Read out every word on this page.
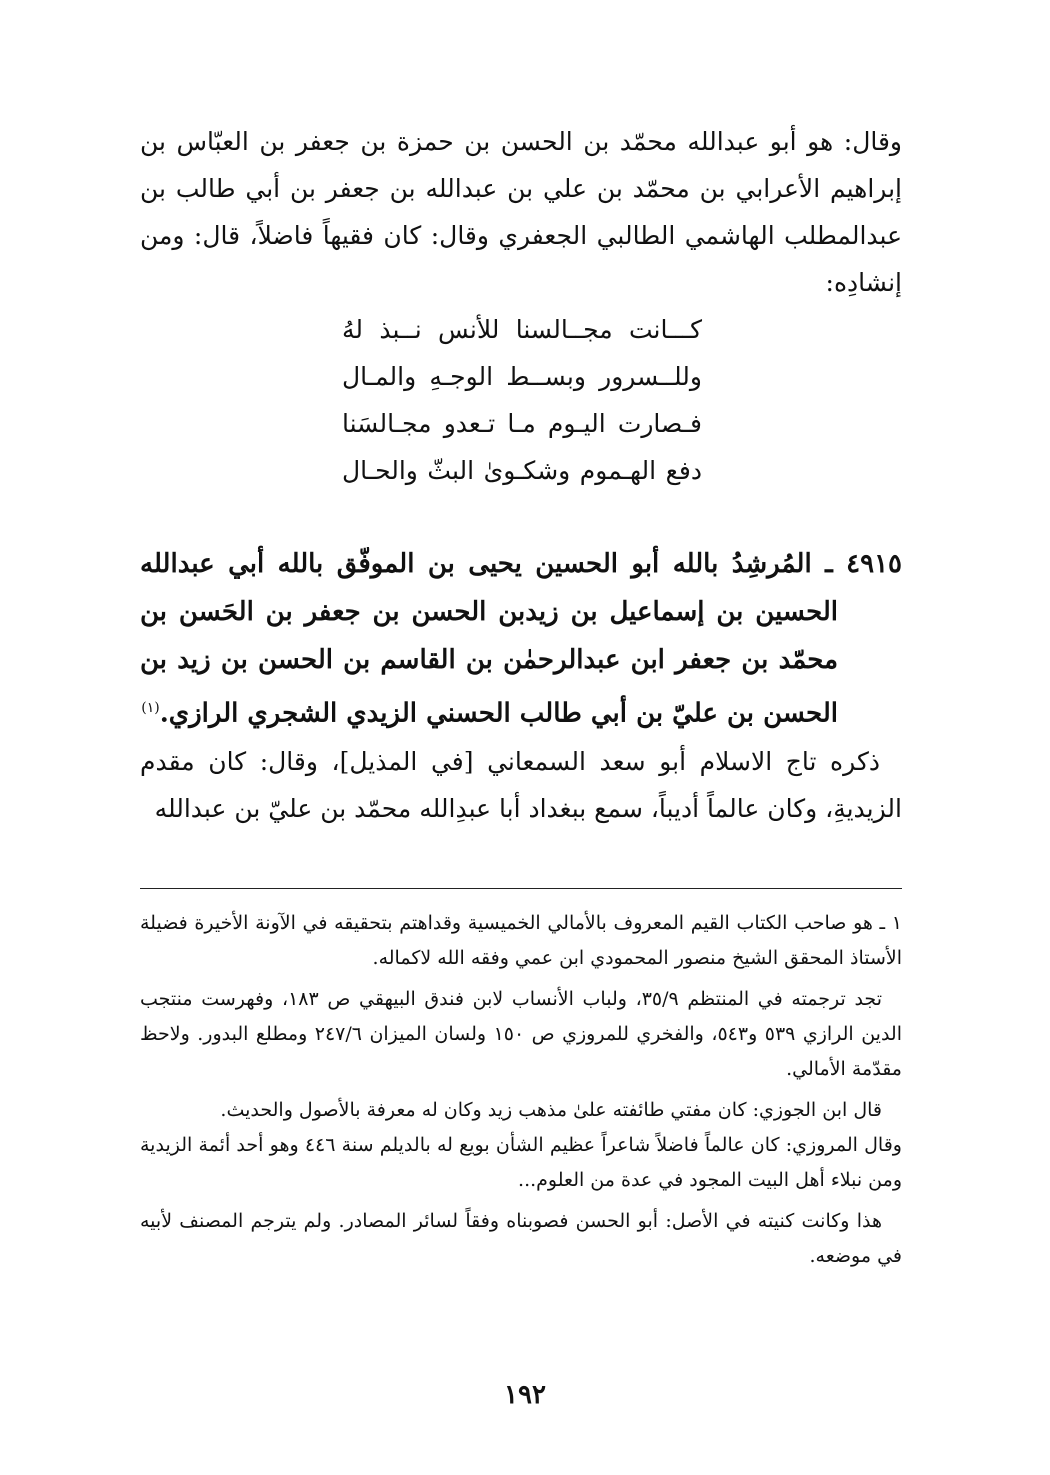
وقال: هو أبو عبدالله محمّد بن الحسن بن حمزة بن جعفر بن العبّاس بن إبراهيم الأعرابي بن محمّد بن علي بن عبدالله بن جعفر بن أبي طالب بن عبدالمطلب الهاشمي الطالبي الجعفري وقال: كان فقيهاً فاضلاً، قال: ومن إنشادِه:

كـــانت مجــالسنا للأنس نــبذ لهُ

وللــسرور وبســط الوجـهِ والمـال

فـصارت اليـوم مـا تـعدو مجـالسَنا

دفع الهـموم وشكـوىٰ البثّ والحـال

٤٩١٥ ـ المُرشِدُ بالله أبو الحسين يحيى بن الموفّق بالله أبي عبدالله الحسين بن إسماعيل بن زيدبن الحسن بن جعفر بن الحَسن بن محمّد بن جعفر ابن عبدالرحمٰن بن القاسم بن الحسن بن زيد بن الحسن بن عليّ بن أبي طالب الحسني الزيدي الشجري الرازي.$^{(١)}$

ذكره تاج الاسلام أبو سعد السمعاني [في المذيل]، وقال: كان مقدم الزيديةِ، وكان عالماً أديباً، سمع ببغداد أبا عبدِالله محمّد بن عليّ بن عبدالله

١ ـ هو صاحب الكتاب القيم المعروف بالأمالي الخميسية وقداهتم بتحقيقه في الآونة الأخيرة فضيلة الأستاذ المحقق الشيخ منصور المحمودي ابن عمي وفقه الله لاكماله.

تجد ترجمته في المنتظم ٣٥/٩، ولباب الأنساب لابن فندق البيهقي ص ١٨٣، وفهرست منتجب الدين الرازي ٥٣٩ و٥٤٣، والفخري للمروزي ص ١٥٠ ولسان الميزان ٢٤٧/٦ ومطلع البدور. ولاحظ مقدّمة الأمالي.

قال ابن الجوزي: كان مفتي طائفته علىٰ مذهب زيد وكان له معرفة بالأصول والحديث.

وقال المروزي: كان عالماً فاضلاً شاعراً عظيم الشأن بويع له بالديلم سنة ٤٤٦ وهو أحد أئمة الزيدية ومن نبلاء أهل البيت المجود في عدة من العلوم...

هذا وكانت كنيته في الأصل: أبو الحسن فصوبناه وفقاً لسائر المصادر. ولم يترجم المصنف لأبيه في موضعه.

١٩٢
